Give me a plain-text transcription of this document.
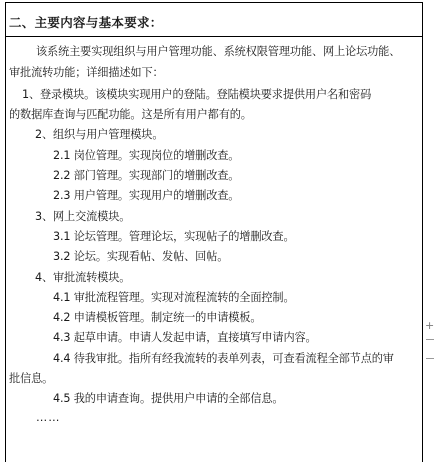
二、主要内容与基本要求：
该系统主要实现组织与用户管理功能、系统权限管理功能、网上论坛功能、
审批流转功能；详细描述如下：
1、登录模块。该模块实现用户的登陆。登陆模块要求提供用户名和密码
的数据库查询与匹配功能。这是所有用户都有的。
2、组织与用户管理模块。
2.1 岗位管理。实现岗位的增删改查。
2.2 部门管理。实现部门的增删改查。
2.3 用户管理。实现用户的增删改查。
3、网上交流模块。
3.1 论坛管理。管理论坛，实现帖子的增删改查。
3.2 论坛。实现看帖、发帖、回帖。
4、审批流转模块。
4.1 审批流程管理。实现对流程流转的全面控制。
4.2 申请模板管理。制定统一的申请模板。
4.3 起草申请。申请人发起申请，直接填写申请内容。
4.4 待我审批。指所有经我流转的表单列表，可查看流程全部节点的审
批信息。
4.5 我的申请查询。提供用户申请的全部信息。
……
+
